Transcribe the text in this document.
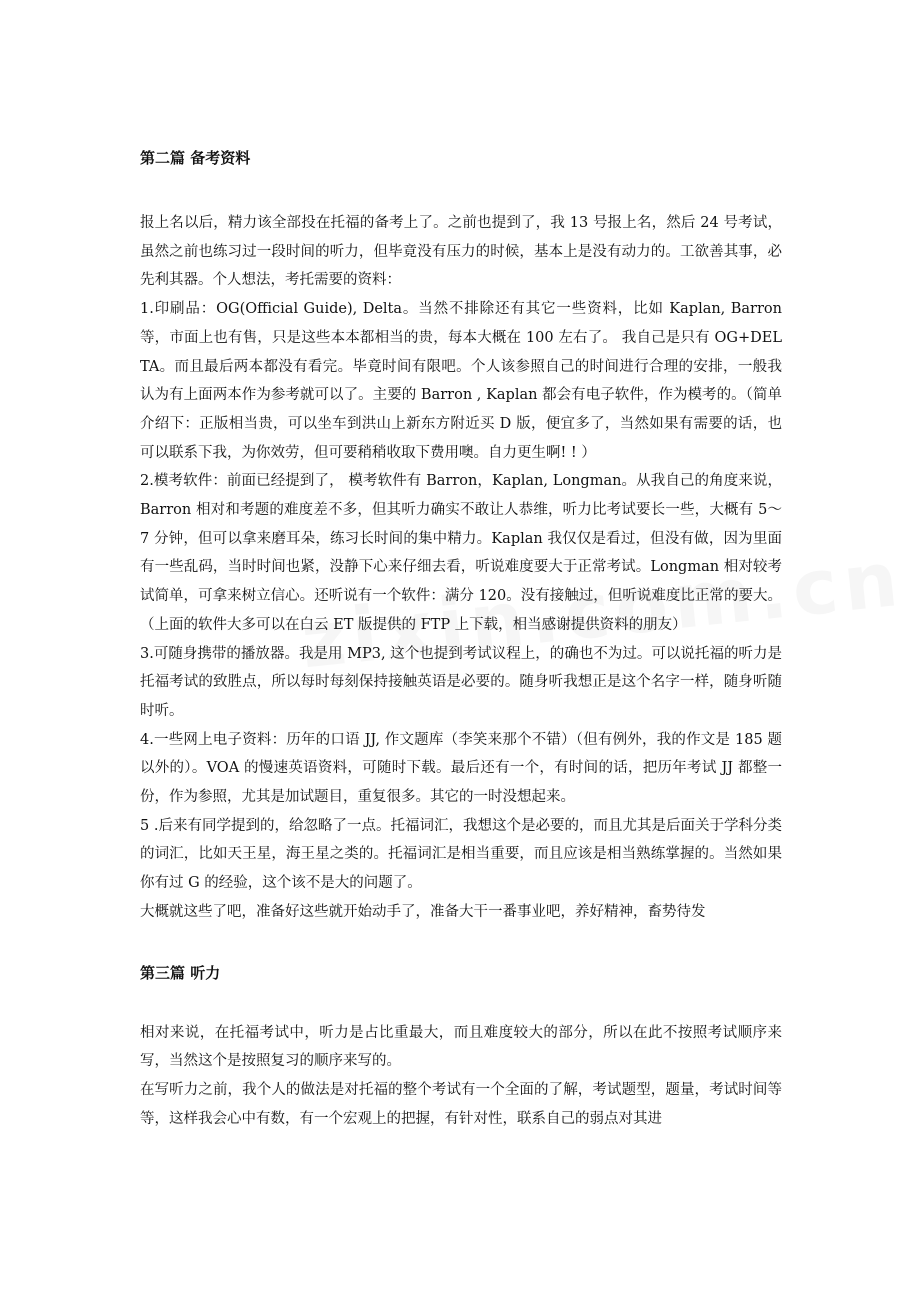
第二篇 备考资料

报上名以后，精力该全部投在托福的备考上了。之前也提到了，我 13 号报上名，然后 24 号考试，虽然之前也练习过一段时间的听力，但毕竟没有压力的时候，基本上是没有动力的。工欲善其事，必先利其器。个人想法，考托需要的资料：

1.印刷品：OG(Official Guide), Delta。当然不排除还有其它一些资料，比如 Kaplan, Barron 等，市面上也有售，只是这些本本都相当的贵，每本大概在 100 左右了。 我自己是只有 OG+DELTA。而且最后两本都没有看完。毕竟时间有限吧。个人该参照自己的时间进行合理的安排，一般我认为有上面两本作为参考就可以了。主要的 Barron , Kaplan 都会有电子软件，作为模考的。（简单介绍下：正版相当贵，可以坐车到洪山上新东方附近买 D 版，便宜多了，当然如果有需要的话，也可以联系下我，为你效劳，但可要稍稍收取下费用噢。自力更生啊! ! ）

2.模考软件：前面已经提到了， 模考软件有 Barron，Kaplan, Longman。从我自己的角度来说，Barron 相对和考题的难度差不多，但其听力确实不敢让人恭维，听力比考试要长一些，大概有 5～7 分钟，但可以拿来磨耳朵，练习长时间的集中精力。Kaplan 我仅仅是看过，但没有做，因为里面有一些乱码，当时时间也紧，没静下心来仔细去看，听说难度要大于正常考试。Longman 相对较考试简单，可拿来树立信心。还听说有一个软件：满分 120。没有接触过，但听说难度比正常的要大。（上面的软件大多可以在白云 ET 版提供的 FTP 上下载，相当感谢提供资料的朋友）

3.可随身携带的播放器。我是用 MP3, 这个也提到考试议程上，的确也不为过。可以说托福的听力是托福考试的致胜点，所以每时每刻保持接触英语是必要的。随身听我想正是这个名字一样，随身听随时听。

4.一些网上电子资料：历年的口语 JJ, 作文题库（李笑来那个不错）（但有例外，我的作文是 185 题以外的）。VOA 的慢速英语资料，可随时下载。最后还有一个，有时间的话，把历年考试 JJ 都整一份，作为参照，尤其是加试题目，重复很多。其它的一时没想起来。

5 .后来有同学提到的，给忽略了一点。托福词汇，我想这个是必要的，而且尤其是后面关于学科分类的词汇，比如天王星，海王星之类的。托福词汇是相当重要，而且应该是相当熟练掌握的。当然如果你有过 G 的经验，这个该不是大的问题了。

大概就这些了吧，准备好这些就开始动手了，准备大干一番事业吧，养好精神，畜势待发

第三篇 听力

相对来说，在托福考试中，听力是占比重最大，而且难度较大的部分，所以在此不按照考试顺序来写，当然这个是按照复习的顺序来写的。

在写听力之前，我个人的做法是对托福的整个考试有一个全面的了解，考试题型，题量，考试时间等等，这样我会心中有数，有一个宏观上的把握，有针对性，联系自己的弱点对其进
